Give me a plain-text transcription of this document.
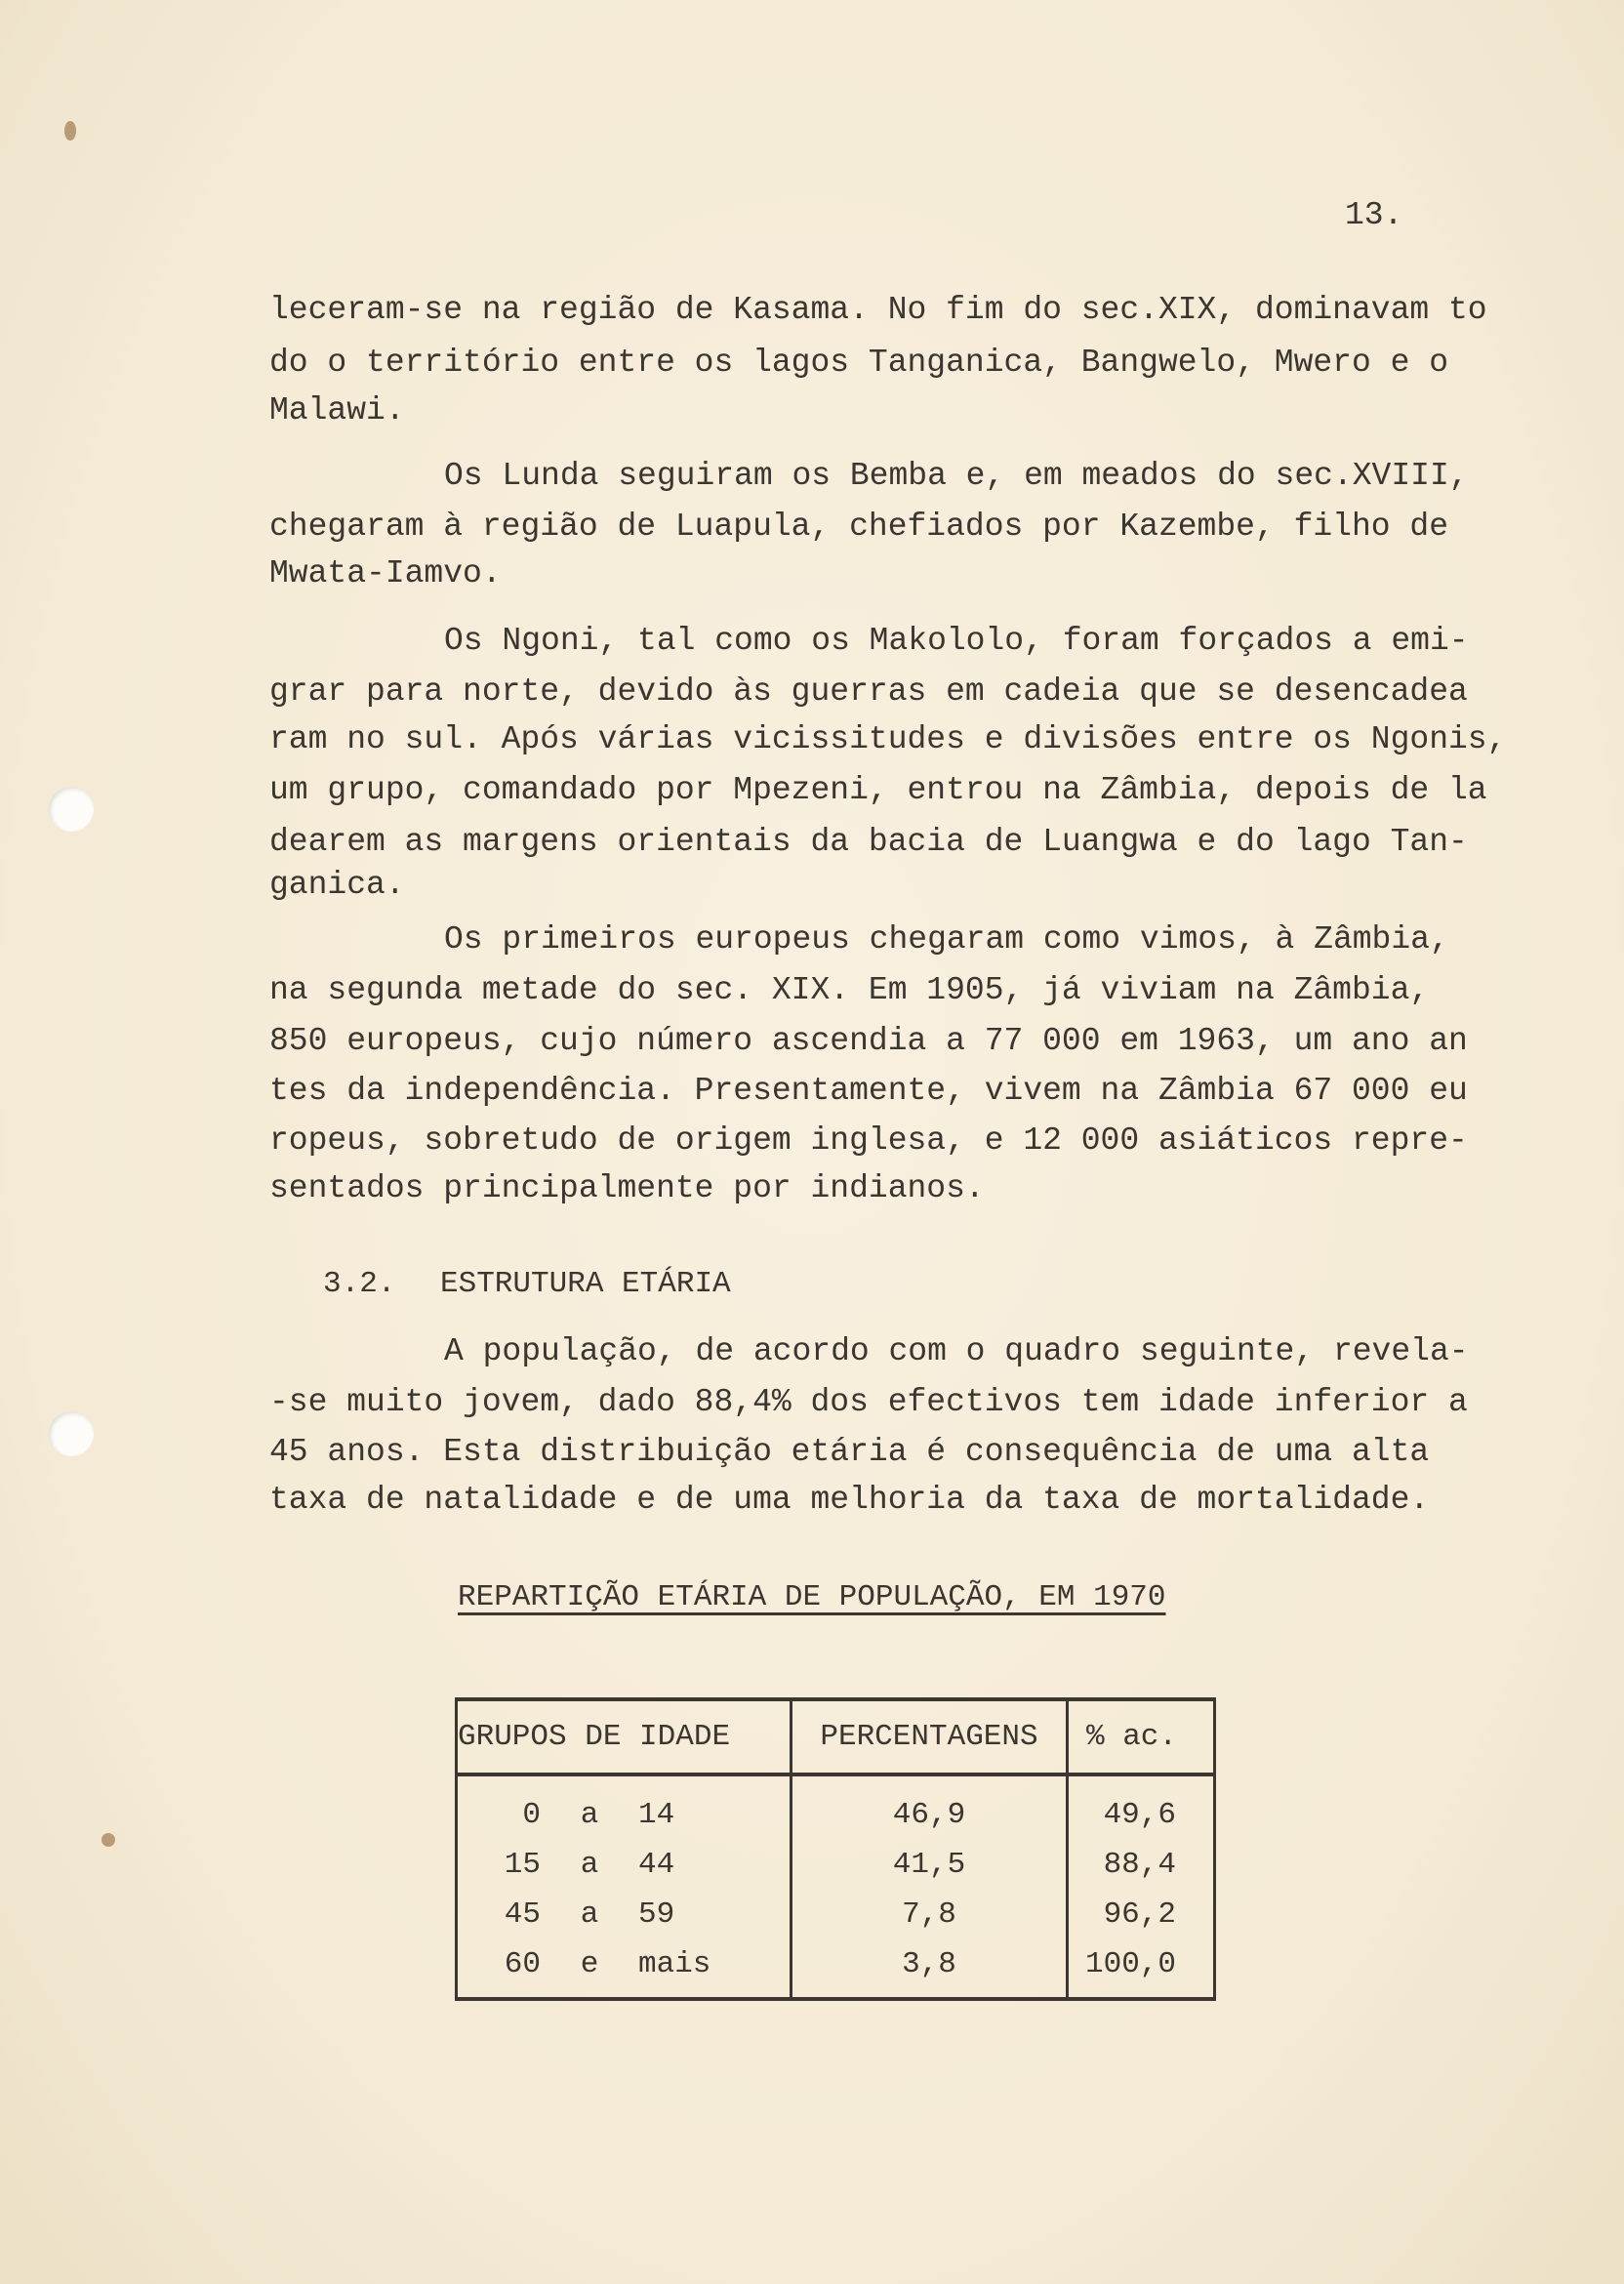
13.
leceram-se na região de Kasama. No fim do sec.XIX, dominavam to
do o território entre os lagos Tanganica, Bangwelo, Mwero e o
Malawi.
Os Lunda seguiram os Bemba e, em meados do sec.XVIII,
chegaram à região de Luapula, chefiados por Kazembe, filho de
Mwata-Iamvo.
Os Ngoni, tal como os Makololo, foram forçados a emi-
grar para norte, devido às guerras em cadeia que se desencadea
ram no sul. Após várias vicissitudes e divisões entre os Ngonis,
um grupo, comandado por Mpezeni, entrou na Zâmbia, depois de la
dearem as margens orientais da bacia de Luangwa e do lago Tan-
ganica.
Os primeiros europeus chegaram como vimos, à Zâmbia,
na segunda metade do sec. XIX. Em 1905, já viviam na Zâmbia,
850 europeus, cujo número ascendia a 77 000 em 1963, um ano an
tes da independência. Presentamente, vivem na Zâmbia 67 000 eu
ropeus, sobretudo de origem inglesa, e 12 000 asiáticos repre-
sentados principalmente por indianos.
3.2. ESTRUTURA ETÁRIA
A população, de acordo com o quadro seguinte, revela-
-se muito jovem, dado 88,4% dos efectivos tem idade inferior a
45 anos. Esta distribuição etária é consequência de uma alta
taxa de natalidade e de uma melhoria da taxa de mortalidade.
REPARTIÇÃO ETÁRIA DE POPULAÇÃO, EM 1970
GRUPOS DE IDADE	PERCENTAGENS	% ac.
0 a 14	46,9	49,6
15 a 44	41,5	88,4
45 a 59	7,8	96,2
60 e mais	3,8	100,0
